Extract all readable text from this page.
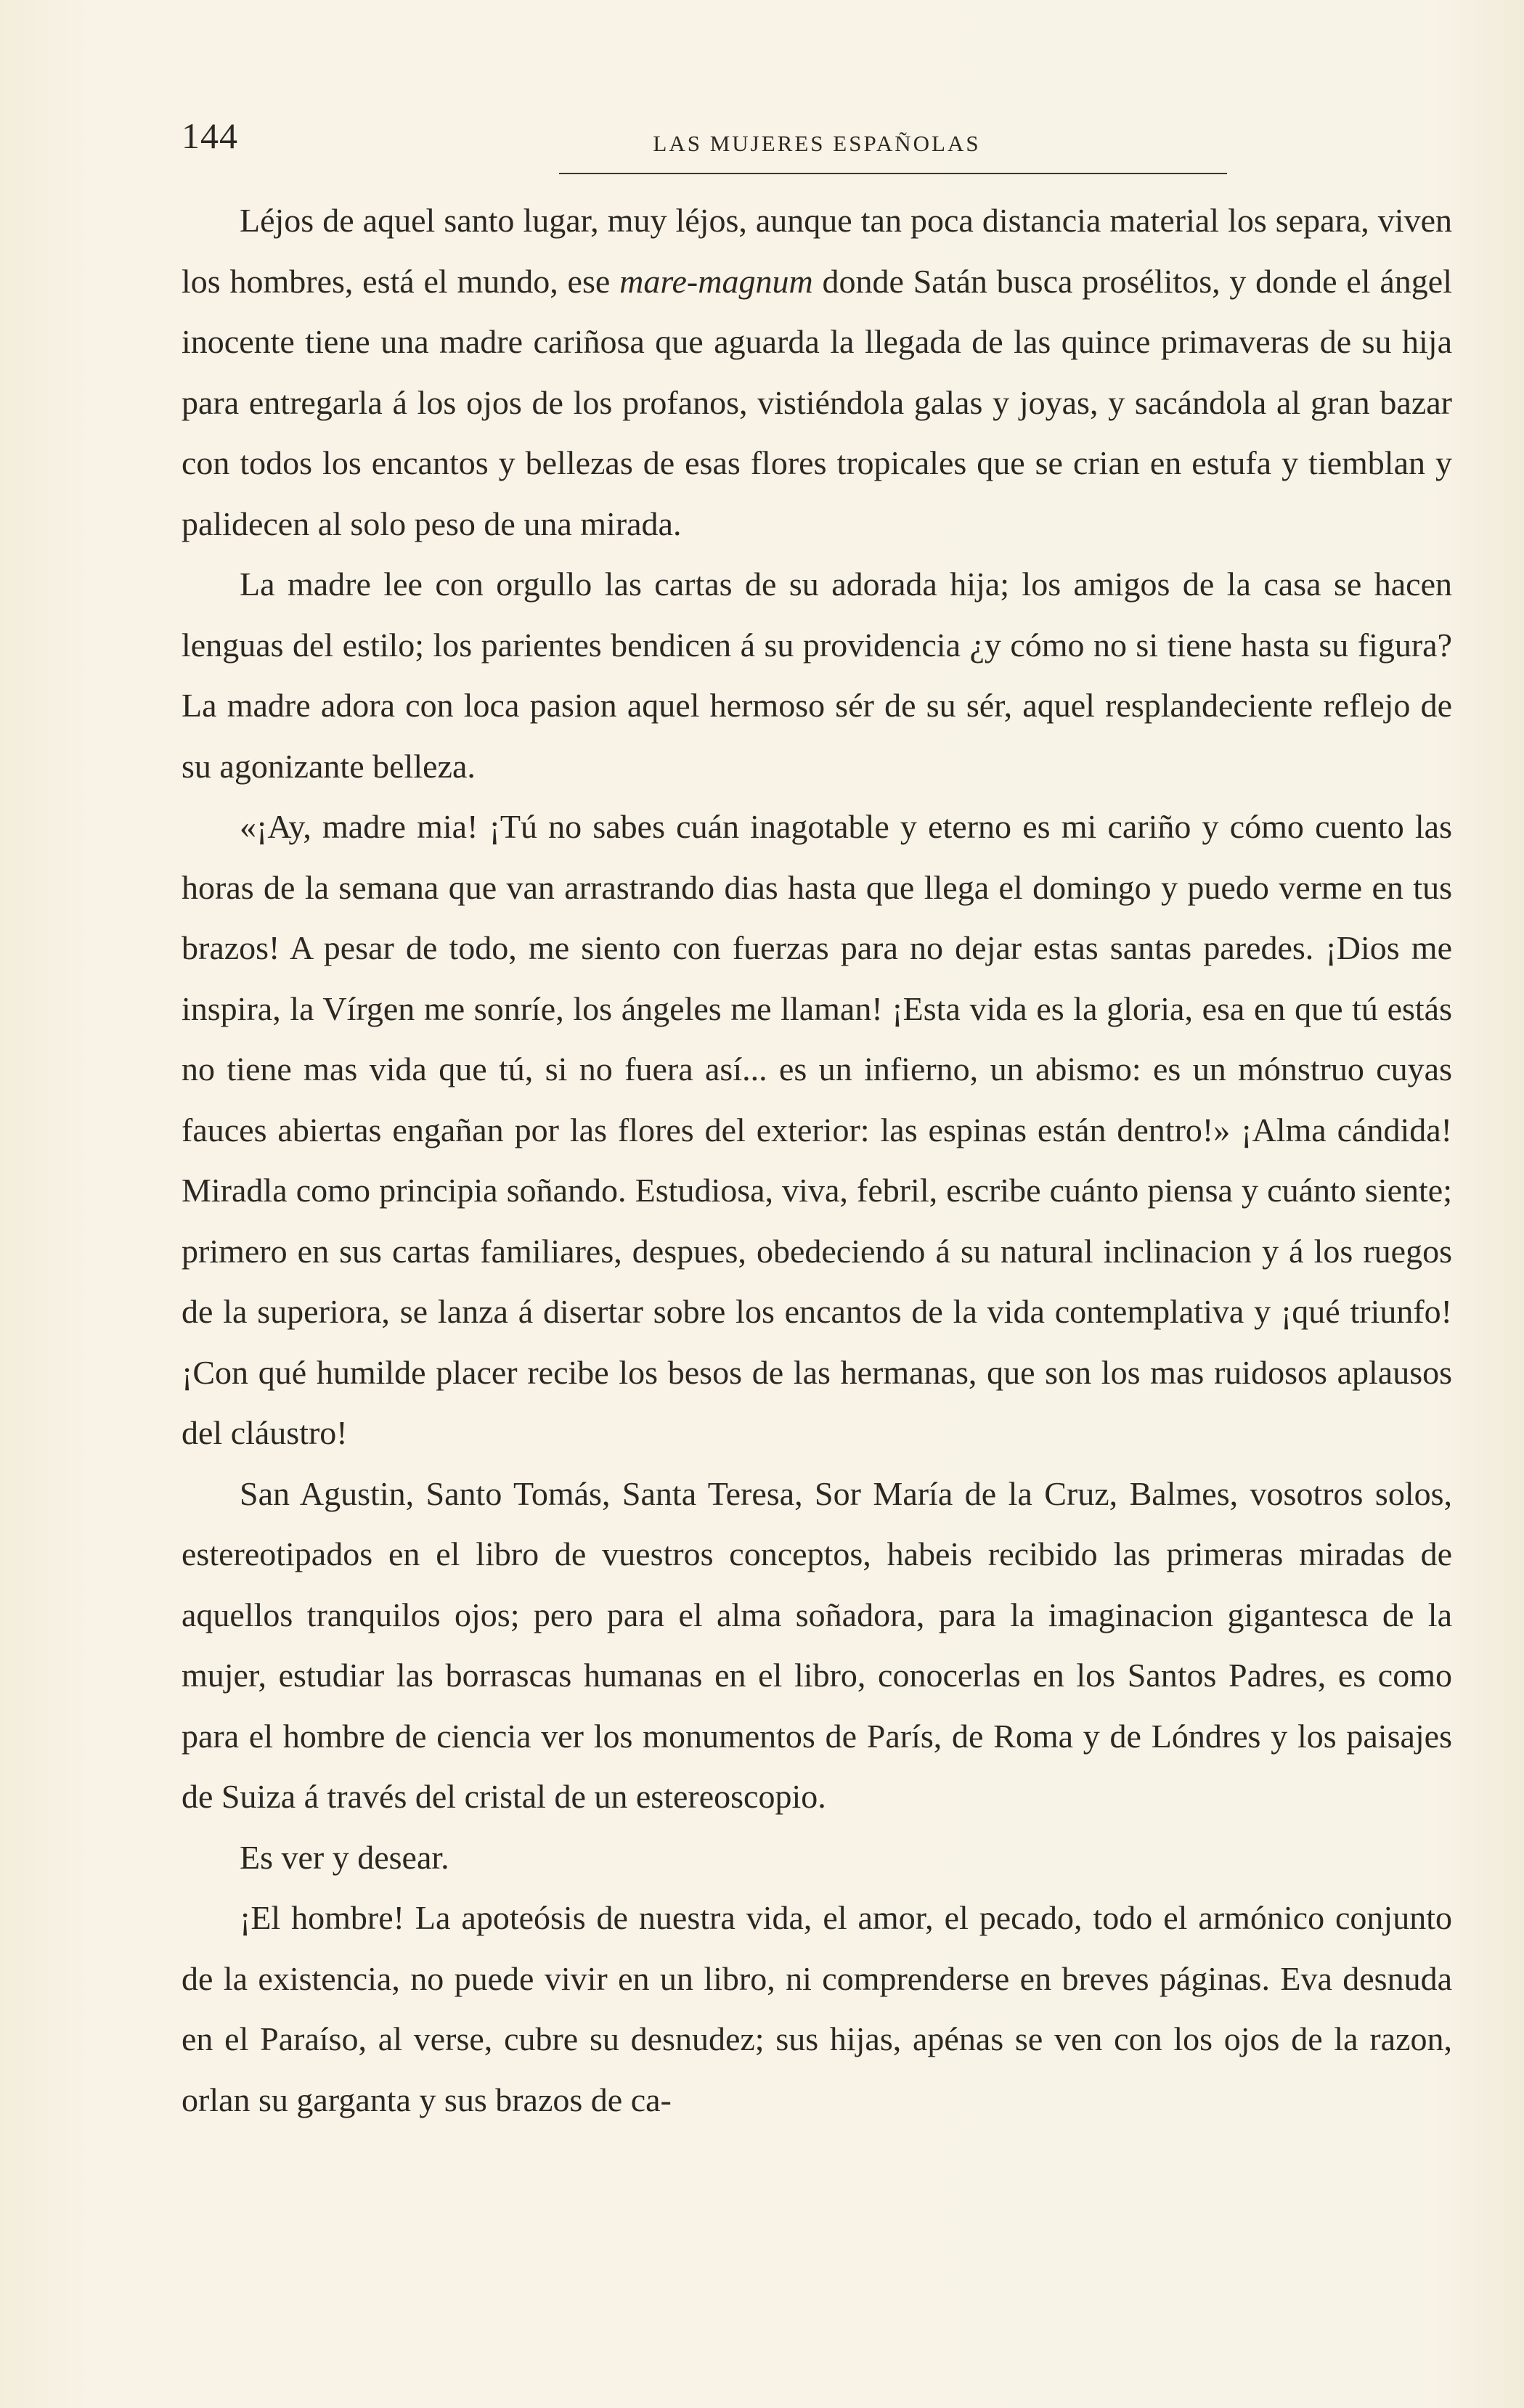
144	LAS MUJERES ESPAÑOLAS

Léjos de aquel santo lugar, muy léjos, aunque tan poca distancia material los separa, viven los hombres, está el mundo, ese mare-magnum donde Satán busca prosélitos, y donde el ángel inocente tiene una madre cariñosa que aguarda la llegada de las quince primaveras de su hija para entregarla á los ojos de los profanos, vistiéndola galas y joyas, y sacándola al gran bazar con todos los encantos y bellezas de esas flores tropicales que se crian en estufa y tiemblan y palidecen al solo peso de una mirada.

La madre lee con orgullo las cartas de su adorada hija; los amigos de la casa se hacen lenguas del estilo; los parientes bendicen á su providencia ¿y cómo no si tiene hasta su figura? La madre adora con loca pasion aquel hermoso sér de su sér, aquel resplandeciente reflejo de su agonizante belleza.

«¡Ay, madre mia! ¡Tú no sabes cuán inagotable y eterno es mi cariño y cómo cuento las horas de la semana que van arrastrando dias hasta que llega el domingo y puedo verme en tus brazos! A pesar de todo, me siento con fuerzas para no dejar estas santas paredes. ¡Dios me inspira, la Vírgen me sonríe, los ángeles me llaman! ¡Esta vida es la gloria, esa en que tú estás no tiene mas vida que tú, si no fuera así... es un infierno, un abismo: es un mónstruo cuyas fauces abiertas engañan por las flores del exterior: las espinas están dentro!» ¡Alma cándida! Miradla como principia soñando. Estudiosa, viva, febril, escribe cuánto piensa y cuánto siente; primero en sus cartas familiares, despues, obedeciendo á su natural inclinacion y á los ruegos de la superiora, se lanza á disertar sobre los encantos de la vida contemplativa y ¡qué triunfo! ¡Con qué humilde placer recibe los besos de las hermanas, que son los mas ruidosos aplausos del cláustro!

San Agustin, Santo Tomás, Santa Teresa, Sor María de la Cruz, Balmes, vosotros solos, estereotipados en el libro de vuestros conceptos, habeis recibido las primeras miradas de aquellos tranquilos ojos; pero para el alma soñadora, para la imaginacion gigantesca de la mujer, estudiar las borrascas humanas en el libro, conocerlas en los Santos Padres, es como para el hombre de ciencia ver los monumentos de París, de Roma y de Lóndres y los paisajes de Suiza á través del cristal de un estereoscopio.

Es ver y desear.

¡El hombre! La apoteósis de nuestra vida, el amor, el pecado, todo el armónico conjunto de la existencia, no puede vivir en un libro, ni comprenderse en breves páginas. Eva desnuda en el Paraíso, al verse, cubre su desnudez; sus hijas, apénas se ven con los ojos de la razon, orlan su garganta y sus brazos de ca-
